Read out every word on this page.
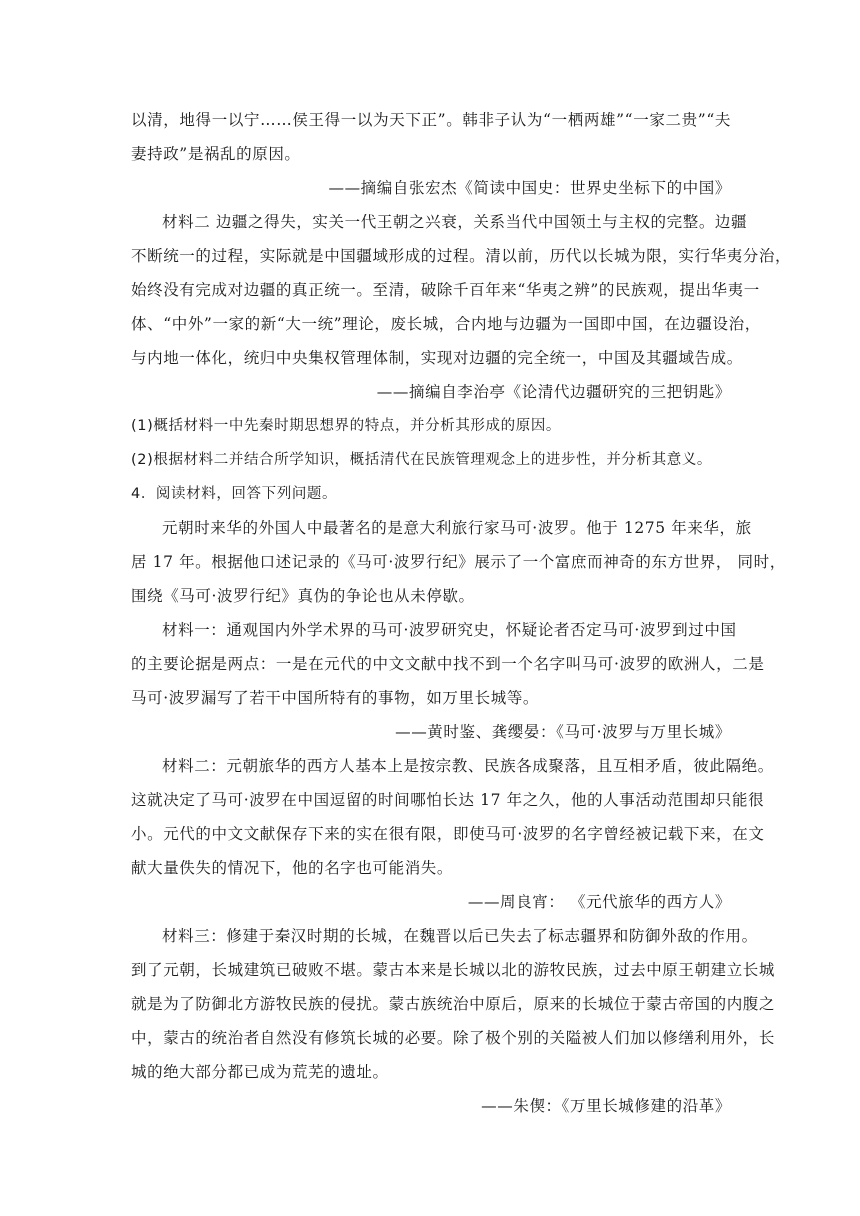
以清，地得一以宁……侯王得一以为天下正”。韩非子认为“一栖两雄”“一家二贵”“夫
妻持政”是祸乱的原因。
——摘编自张宏杰《简读中国史：世界史坐标下的中国》
材料二 边疆之得失，实关一代王朝之兴衰，关系当代中国领土与主权的完整。边疆
不断统一的过程，实际就是中国疆域形成的过程。清以前，历代以长城为限，实行华夷分治，
始终没有完成对边疆的真正统一。至清，破除千百年来“华夷之辨”的民族观，提出华夷一
体、“中外”一家的新“大一统”理论，废长城，合内地与边疆为一国即中国，在边疆设治，
与内地一体化，统归中央集权管理体制，实现对边疆的完全统一，中国及其疆域告成。
——摘编自李治亭《论清代边疆研究的三把钥匙》
(1)概括材料一中先秦时期思想界的特点，并分析其形成的原因。
(2)根据材料二并结合所学知识，概括清代在民族管理观念上的进步性，并分析其意义。
4．阅读材料，回答下列问题。
元朝时来华的外国人中最著名的是意大利旅行家马可·波罗。他于 1275 年来华，旅
居 17 年。根据他口述记录的《马可·波罗行纪》展示了一个富庶而神奇的东方世界， 同时，
围绕《马可·波罗行纪》真伪的争论也从未停歇。
材料一：通观国内外学术界的马可·波罗研究史，怀疑论者否定马可·波罗到过中国
的主要论据是两点：一是在元代的中文文献中找不到一个名字叫马可·波罗的欧洲人，二是
马可·波罗漏写了若干中国所特有的事物，如万里长城等。
——黄时鉴、龚缨晏：《马可·波罗与万里长城》
材料二：元朝旅华的西方人基本上是按宗教、民族各成聚落，且互相矛盾，彼此隔绝。
这就决定了马可·波罗在中国逗留的时间哪怕长达 17 年之久，他的人事活动范围却只能很
小。元代的中文文献保存下来的实在很有限，即使马可·波罗的名字曾经被记载下来，在文
献大量佚失的情况下，他的名字也可能消失。
——周良宵： 《元代旅华的西方人》
材料三：修建于秦汉时期的长城，在魏晋以后已失去了标志疆界和防御外敌的作用。
到了元朝，长城建筑已破败不堪。蒙古本来是长城以北的游牧民族，过去中原王朝建立长城
就是为了防御北方游牧民族的侵扰。蒙古族统治中原后，原来的长城位于蒙古帝国的内腹之
中，蒙古的统治者自然没有修筑长城的必要。除了极个别的关隘被人们加以修缮利用外，长
城的绝大部分都已成为荒芜的遗址。
——朱偰：《万里长城修建的沿革》
